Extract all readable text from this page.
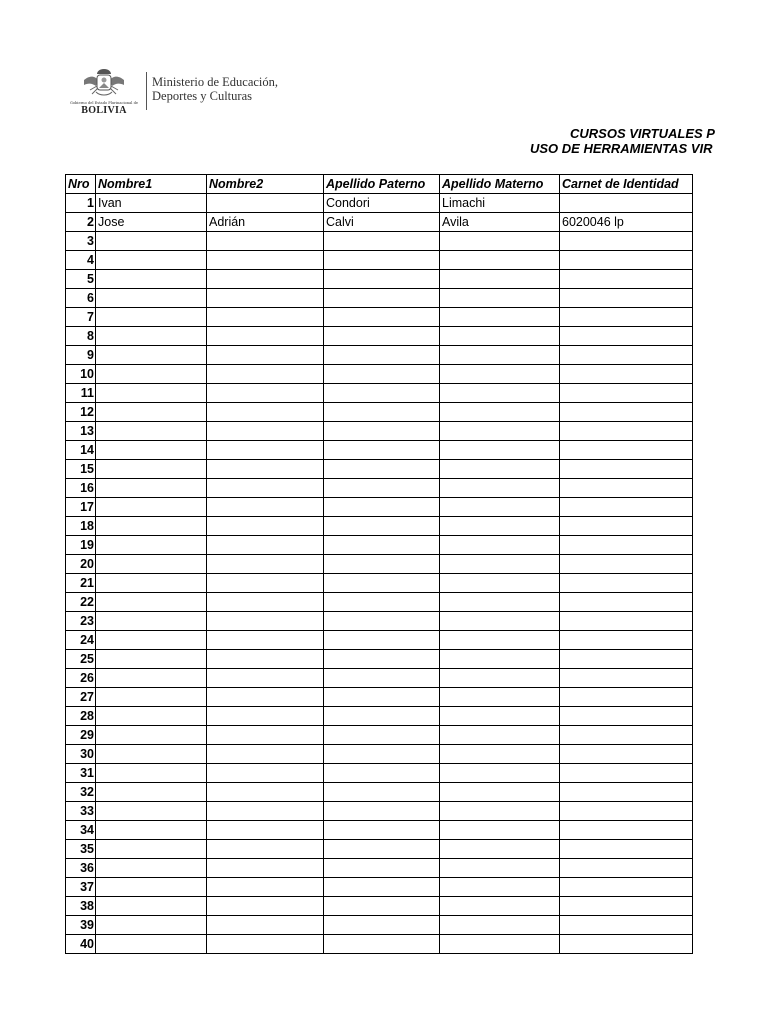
Gobierno del Estado Plurinacional de
BOLIVIA
Ministerio de Educación,
Deportes y Culturas
CURSOS VIRTUALES P
USO DE HERRAMIENTAS VIR
Nro	Nombre1	Nombre2	Apellido Paterno	Apellido Materno	Carnet de Identidad
1	Ivan		Condori	Limachi	
2	Jose	Adrián	Calvi	Avila	6020046 lp
3					
4					
5					
6					
7					
8					
9					
10					
11					
12					
13					
14					
15					
16					
17					
18					
19					
20					
21					
22					
23					
24					
25					
26					
27					
28					
29					
30					
31					
32					
33					
34					
35					
36					
37					
38					
39					
40					
